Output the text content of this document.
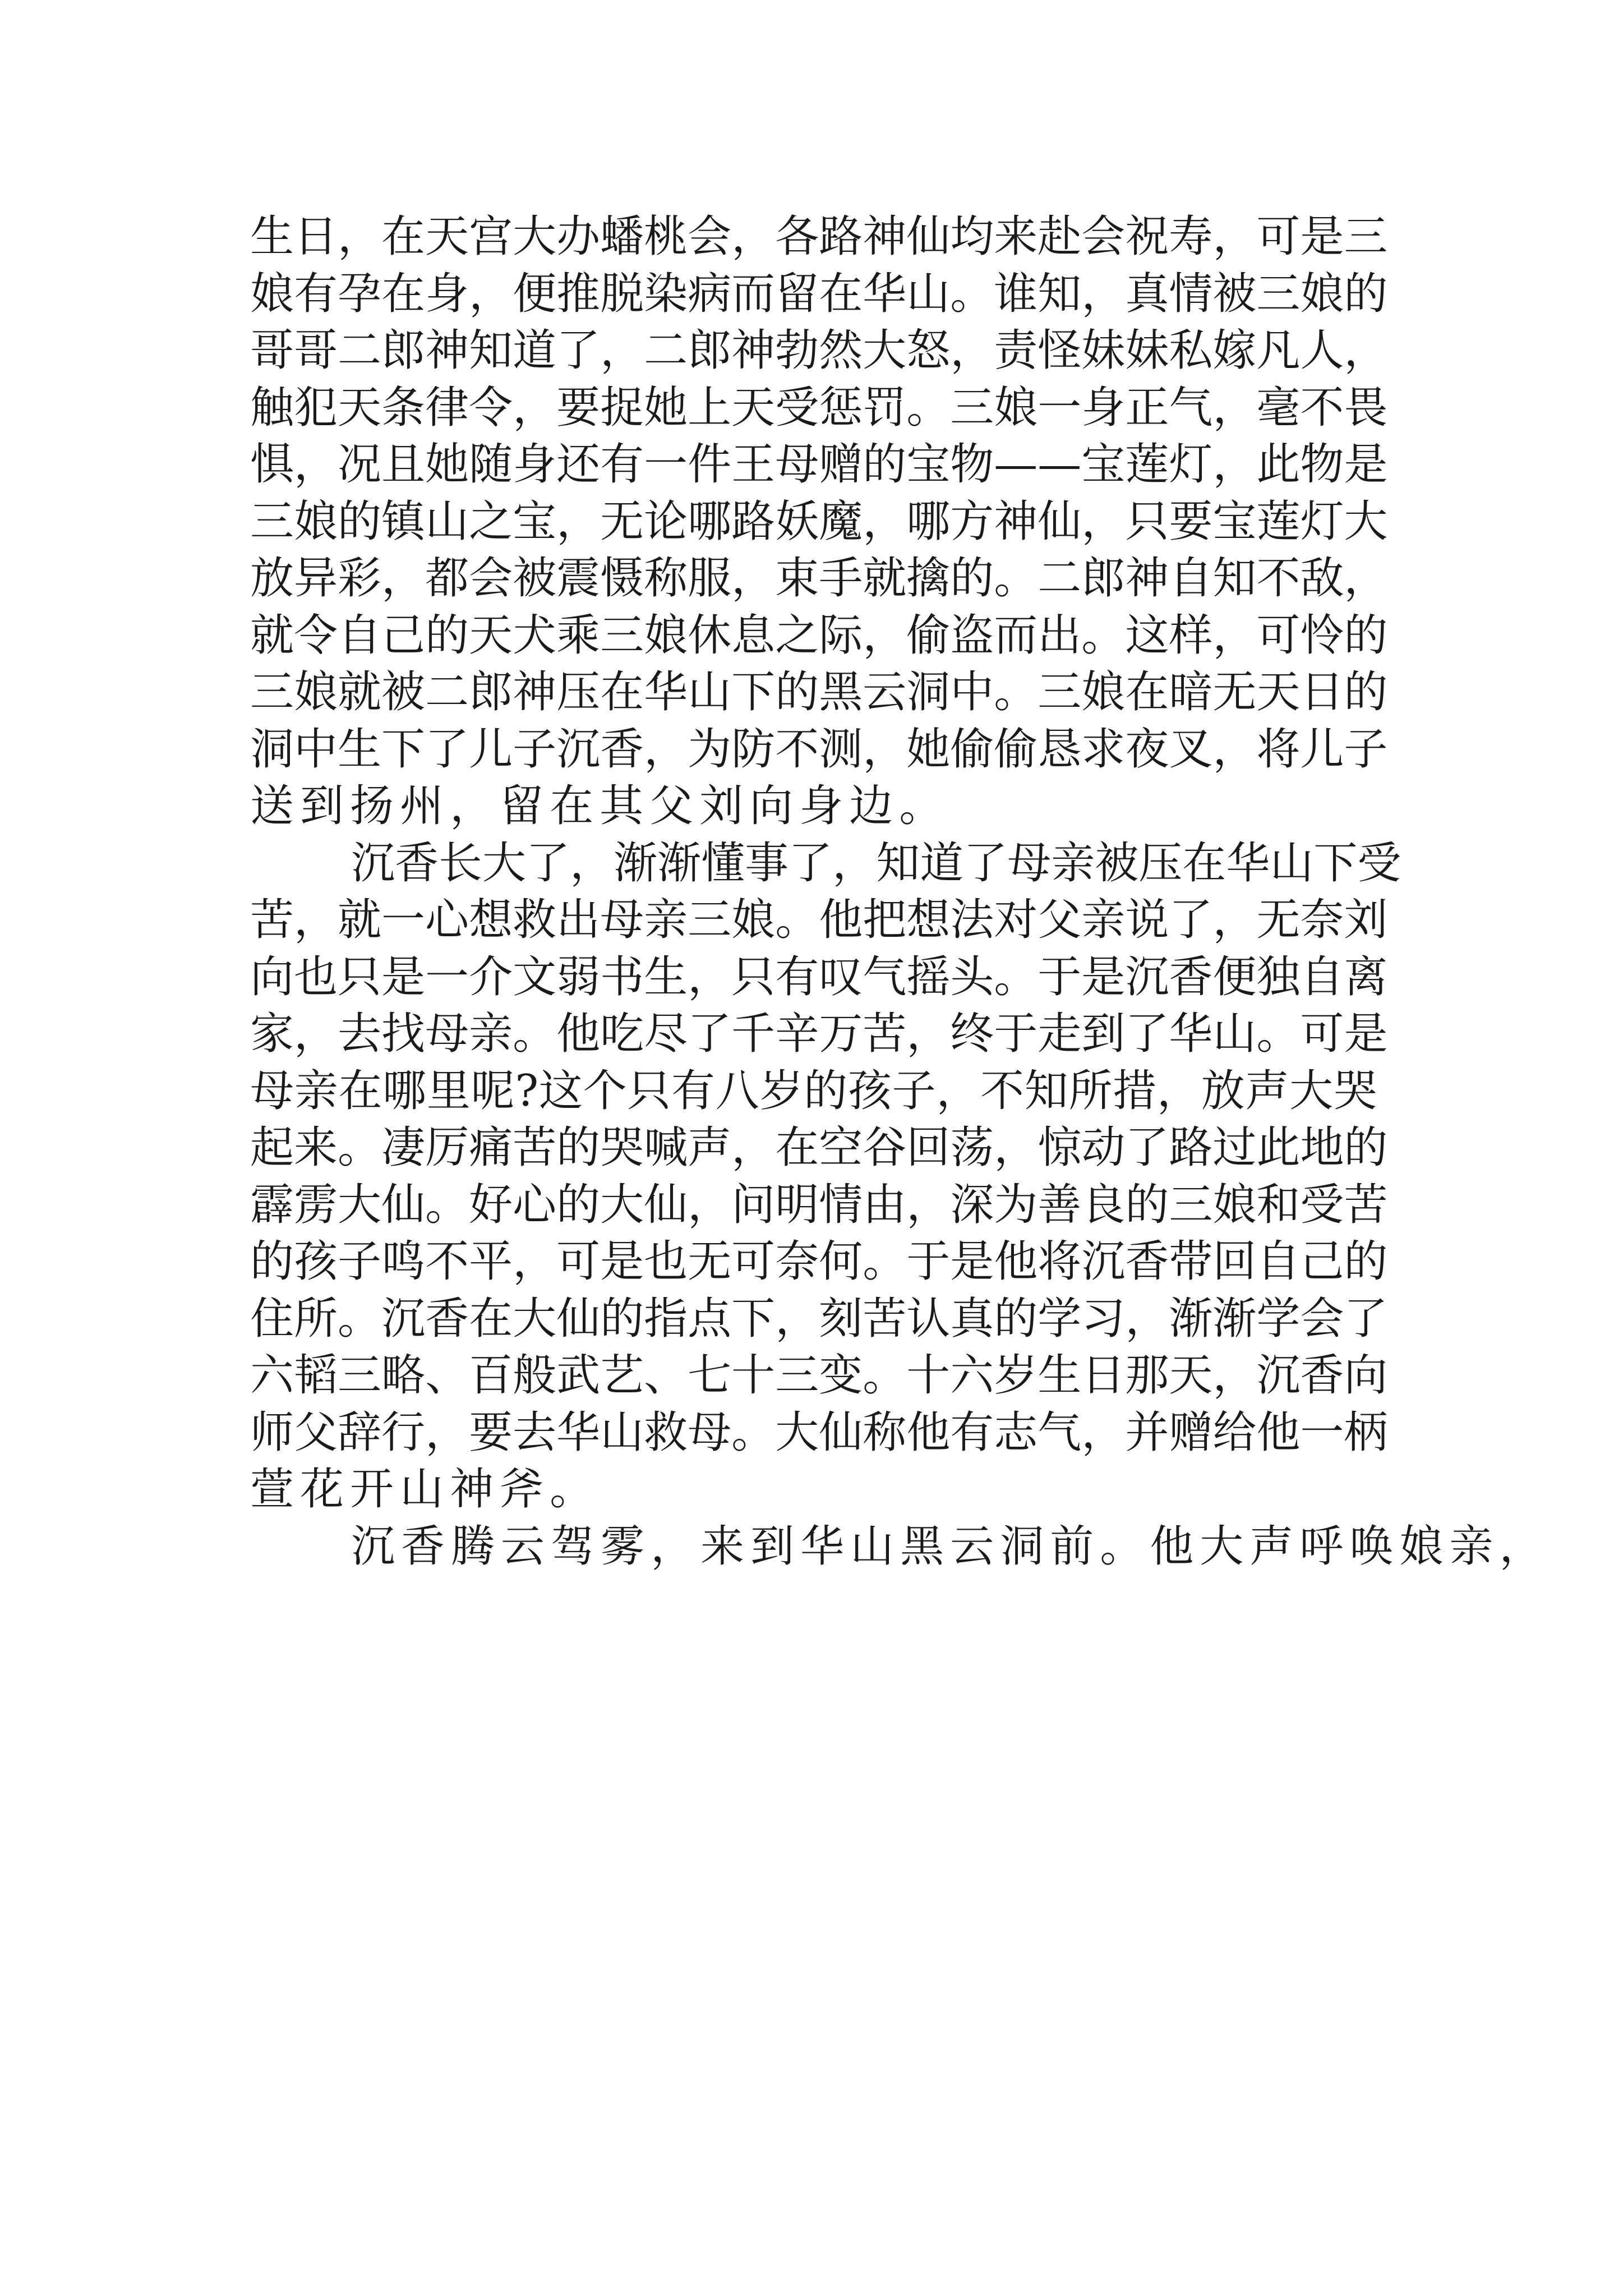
生 日 ， 在 天 宫 大 办 蟠 桃 会 ， 各 路 神 仙 均 来 赴 会 祝 寿 ， 可 是 三
娘 有 孕 在 身 ， 便 推 脱 染 病 而 留 在 华 山 。 谁 知 ， 真 情 被 三 娘 的
哥 哥 二 郎 神 知 道 了 ， 二 郎 神 勃 然 大 怒 ， 责 怪 妹 妹 私 嫁 凡 人 ，
触 犯 天 条 律 令 ， 要 捉 她 上 天 受 惩 罚 。 三 娘 一 身 正 气 ， 毫 不 畏
惧 ， 况 且 她 随 身 还 有 一 件 王 母 赠 的 宝 物 — — 宝 莲 灯 ， 此 物 是
三 娘 的 镇 山 之 宝 ， 无 论 哪 路 妖 魔 ， 哪 方 神 仙 ， 只 要 宝 莲 灯 大
放 异 彩 ， 都 会 被 震 慑 称 服 ， 束 手 就 擒 的 。 二 郎 神 自 知 不 敌 ，
就 令 自 己 的 天 犬 乘 三 娘 休 息 之 际 ， 偷 盗 而 出 。 这 样 ， 可 怜 的
三 娘 就 被 二 郎 神 压 在 华 山 下 的 黑 云 洞 中 。 三 娘 在 暗 无 天 日 的
洞 中 生 下 了 儿 子 沉 香 ， 为 防 不 测 ， 她 偷 偷 恳 求 夜 叉 ， 将 儿 子
送 到 扬 州 ， 留 在 其 父 刘 向 身 边 。
沉 香 长 大 了 ， 渐 渐 懂 事 了 ， 知 道 了 母 亲 被 压 在 华 山 下 受
苦 ， 就 一 心 想 救 出 母 亲 三 娘 。 他 把 想 法 对 父 亲 说 了 ， 无 奈 刘
向 也 只 是 一 介 文 弱 书 生 ， 只 有 叹 气 摇 头 。 于 是 沉 香 便 独 自 离
家 ， 去 找 母 亲 。 他 吃 尽 了 千 辛 万 苦 ， 终 于 走 到 了 华 山 。 可 是
母 亲 在 哪 里 呢 ? 这 个 只 有 八 岁 的 孩 子 ， 不 知 所 措 ， 放 声 大 哭
起 来 。 凄 厉 痛 苦 的 哭 喊 声 ， 在 空 谷 回 荡 ， 惊 动 了 路 过 此 地 的
霹 雳 大 仙 。 好 心 的 大 仙 ， 问 明 情 由 ， 深 为 善 良 的 三 娘 和 受 苦
的 孩 子 鸣 不 平 ， 可 是 也 无 可 奈 何 。 于 是 他 将 沉 香 带 回 自 己 的
住 所 。 沉 香 在 大 仙 的 指 点 下 ， 刻 苦 认 真 的 学 习 ， 渐 渐 学 会 了
六 韬 三 略 、 百 般 武 艺 、 七 十 三 变 。 十 六 岁 生 日 那 天 ， 沉 香 向
师 父 辞 行 ， 要 去 华 山 救 母 。 大 仙 称 他 有 志 气 ， 并 赠 给 他 一 柄
萱 花 开 山 神 斧 。
沉 香 腾 云 驾 雾 ， 来 到 华 山 黑 云 洞 前 。 他 大 声 呼 唤 娘 亲 ，
